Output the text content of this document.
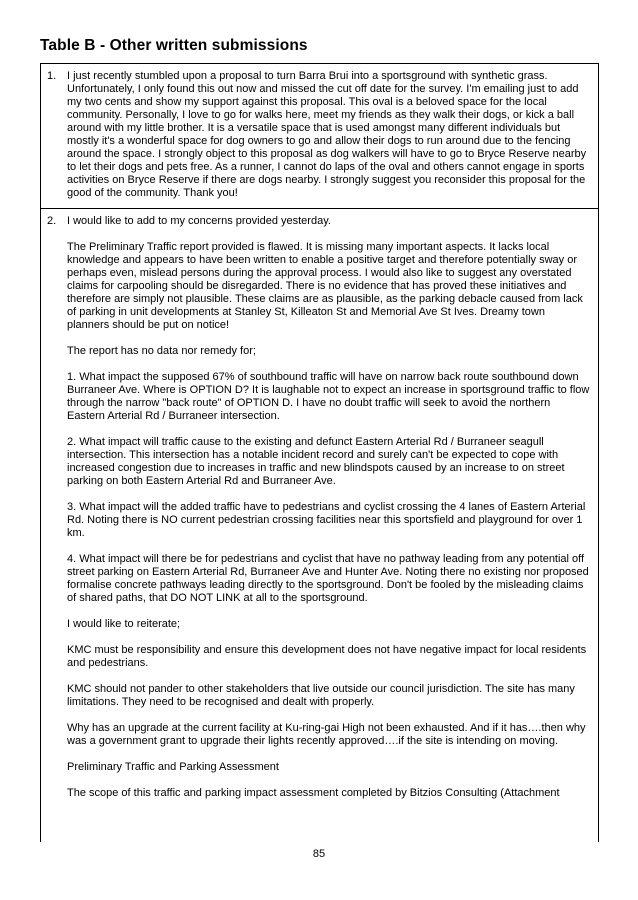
Table B - Other written submissions
1. I just recently stumbled upon a proposal to turn Barra Brui into a sportsground with synthetic grass. Unfortunately, I only found this out now and missed the cut off date for the survey. I'm emailing just to add my two cents and show my support against this proposal. This oval is a beloved space for the local community. Personally, I love to go for walks here, meet my friends as they walk their dogs, or kick a ball around with my little brother. It is a versatile space that is used amongst many different individuals but mostly it's a wonderful space for dog owners to go and allow their dogs to run around due to the fencing around the space. I strongly object to this proposal as dog walkers will have to go to Bryce Reserve nearby to let their dogs and pets free. As a runner, I cannot do laps of the oval and others cannot engage in sports activities on Bryce Reserve if there are dogs nearby. I strongly suggest you reconsider this proposal for the good of the community. Thank you!

2. I would like to add to my concerns provided yesterday.

The Preliminary Traffic report provided is flawed. It is missing many important aspects. It lacks local knowledge and appears to have been written to enable a positive target and therefore potentially sway or perhaps even, mislead persons during the approval process. I would also like to suggest any overstated claims for carpooling should be disregarded. There is no evidence that has proved these initiatives and therefore are simply not plausible. These claims are as plausible, as the parking debacle caused from lack of parking in unit developments at Stanley St, Killeaton St and Memorial Ave St Ives. Dreamy town planners should be put on notice!

The report has no data nor remedy for;

1. What impact the supposed 67% of southbound traffic will have on narrow back route southbound down Burraneer Ave. Where is OPTION D? It is laughable not to expect an increase in sportsground traffic to flow through the narrow "back route" of OPTION D. I have no doubt traffic will seek to avoid the northern Eastern Arterial Rd / Burraneer intersection.

2. What impact will traffic cause to the existing and defunct Eastern Arterial Rd / Burraneer seagull intersection. This intersection has a notable incident record and surely can't be expected to cope with increased congestion due to increases in traffic and new blindspots caused by an increase to on street parking on both Eastern Arterial Rd and Burraneer Ave.

3. What impact will the added traffic have to pedestrians and cyclist crossing the 4 lanes of Eastern Arterial Rd. Noting there is NO current pedestrian crossing facilities near this sportsfield and playground for over 1 km.

4. What impact will there be for pedestrians and cyclist that have no pathway leading from any potential off street parking on Eastern Arterial Rd, Burraneer Ave and Hunter Ave. Noting there no existing nor proposed formalise concrete pathways leading directly to the sportsground. Don't be fooled by the misleading claims of shared paths, that DO NOT LINK at all to the sportsground.

I would like to reiterate;

KMC must be responsibility and ensure this development does not have negative impact for local residents and pedestrians.

KMC should not pander to other stakeholders that live outside our council jurisdiction. The site has many limitations. They need to be recognised and dealt with properly.

Why has an upgrade at the current facility at Ku-ring-gai High not been exhausted. And if it has….then why was a government grant to upgrade their lights recently approved….if the site is intending on moving.

Preliminary Traffic and Parking Assessment

The scope of this traffic and parking impact assessment completed by Bitzios Consulting (Attachment

85
